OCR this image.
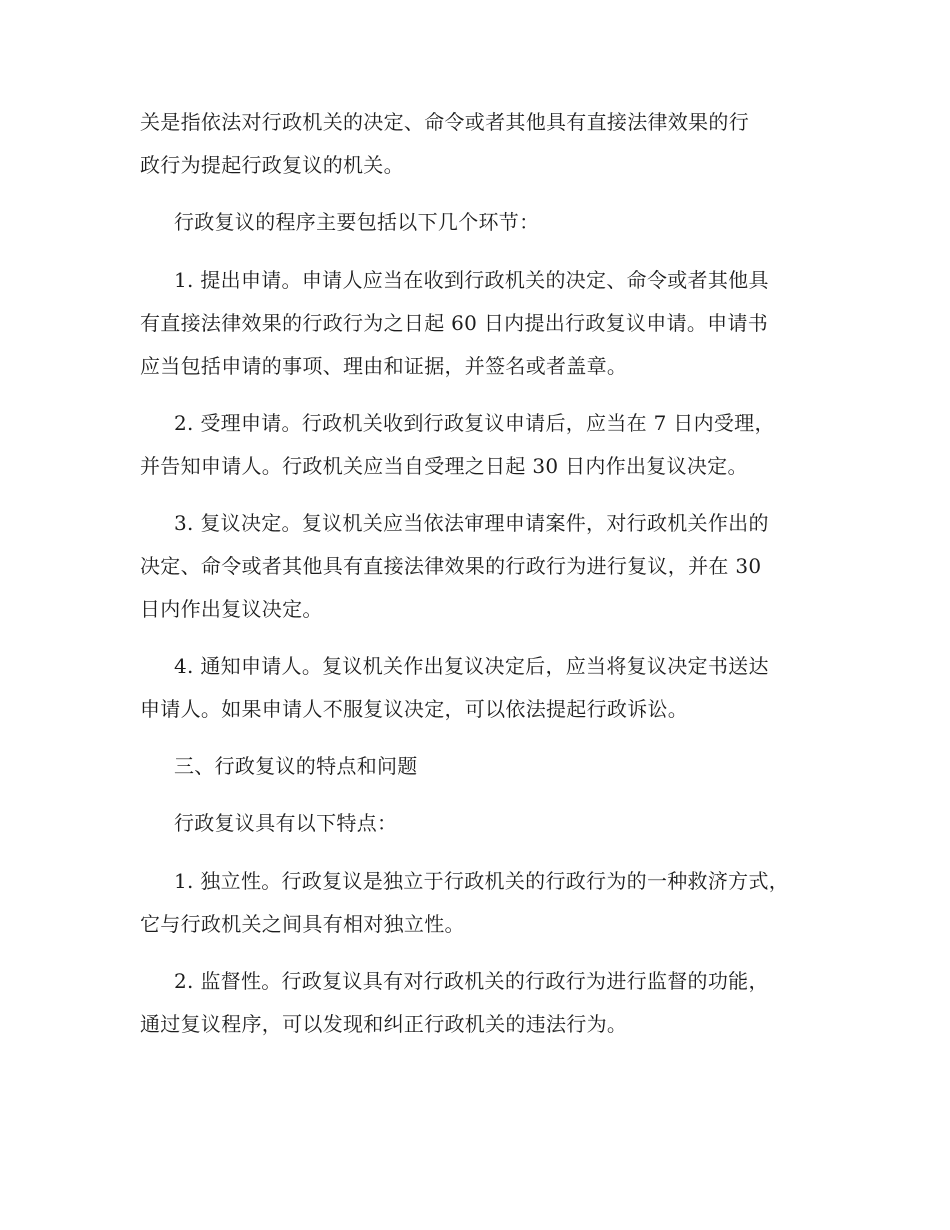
关是指依法对行政机关的决定、命令或者其他具有直接法律效果的行
政行为提起行政复议的机关。
行政复议的程序主要包括以下几个环节：
1. 提出申请。申请人应当在收到行政机关的决定、命令或者其他具
有直接法律效果的行政行为之日起 60 日内提出行政复议申请。申请书
应当包括申请的事项、理由和证据，并签名或者盖章。
2. 受理申请。行政机关收到行政复议申请后，应当在 7 日内受理，
并告知申请人。行政机关应当自受理之日起 30 日内作出复议决定。
3. 复议决定。复议机关应当依法审理申请案件，对行政机关作出的
决定、命令或者其他具有直接法律效果的行政行为进行复议，并在 30
日内作出复议决定。
4. 通知申请人。复议机关作出复议决定后，应当将复议决定书送达
申请人。如果申请人不服复议决定，可以依法提起行政诉讼。
三、行政复议的特点和问题
行政复议具有以下特点：
1. 独立性。行政复议是独立于行政机关的行政行为的一种救济方式，
它与行政机关之间具有相对独立性。
2. 监督性。行政复议具有对行政机关的行政行为进行监督的功能，
通过复议程序，可以发现和纠正行政机关的违法行为。
